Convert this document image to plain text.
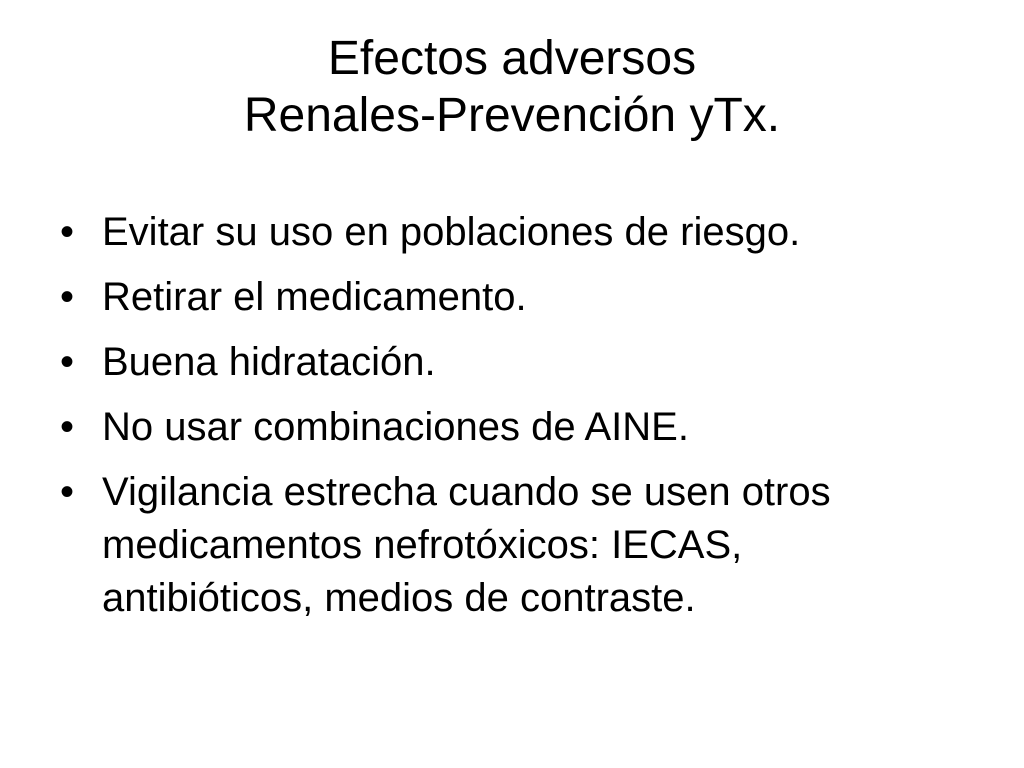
Efectos adversos
Renales-Prevención yTx.
• Evitar su uso en poblaciones de riesgo.
• Retirar el medicamento.
• Buena hidratación.
• No usar combinaciones de AINE.
• Vigilancia estrecha cuando se usen otros medicamentos nefrotóxicos: IECAS, antibióticos, medios de contraste.
